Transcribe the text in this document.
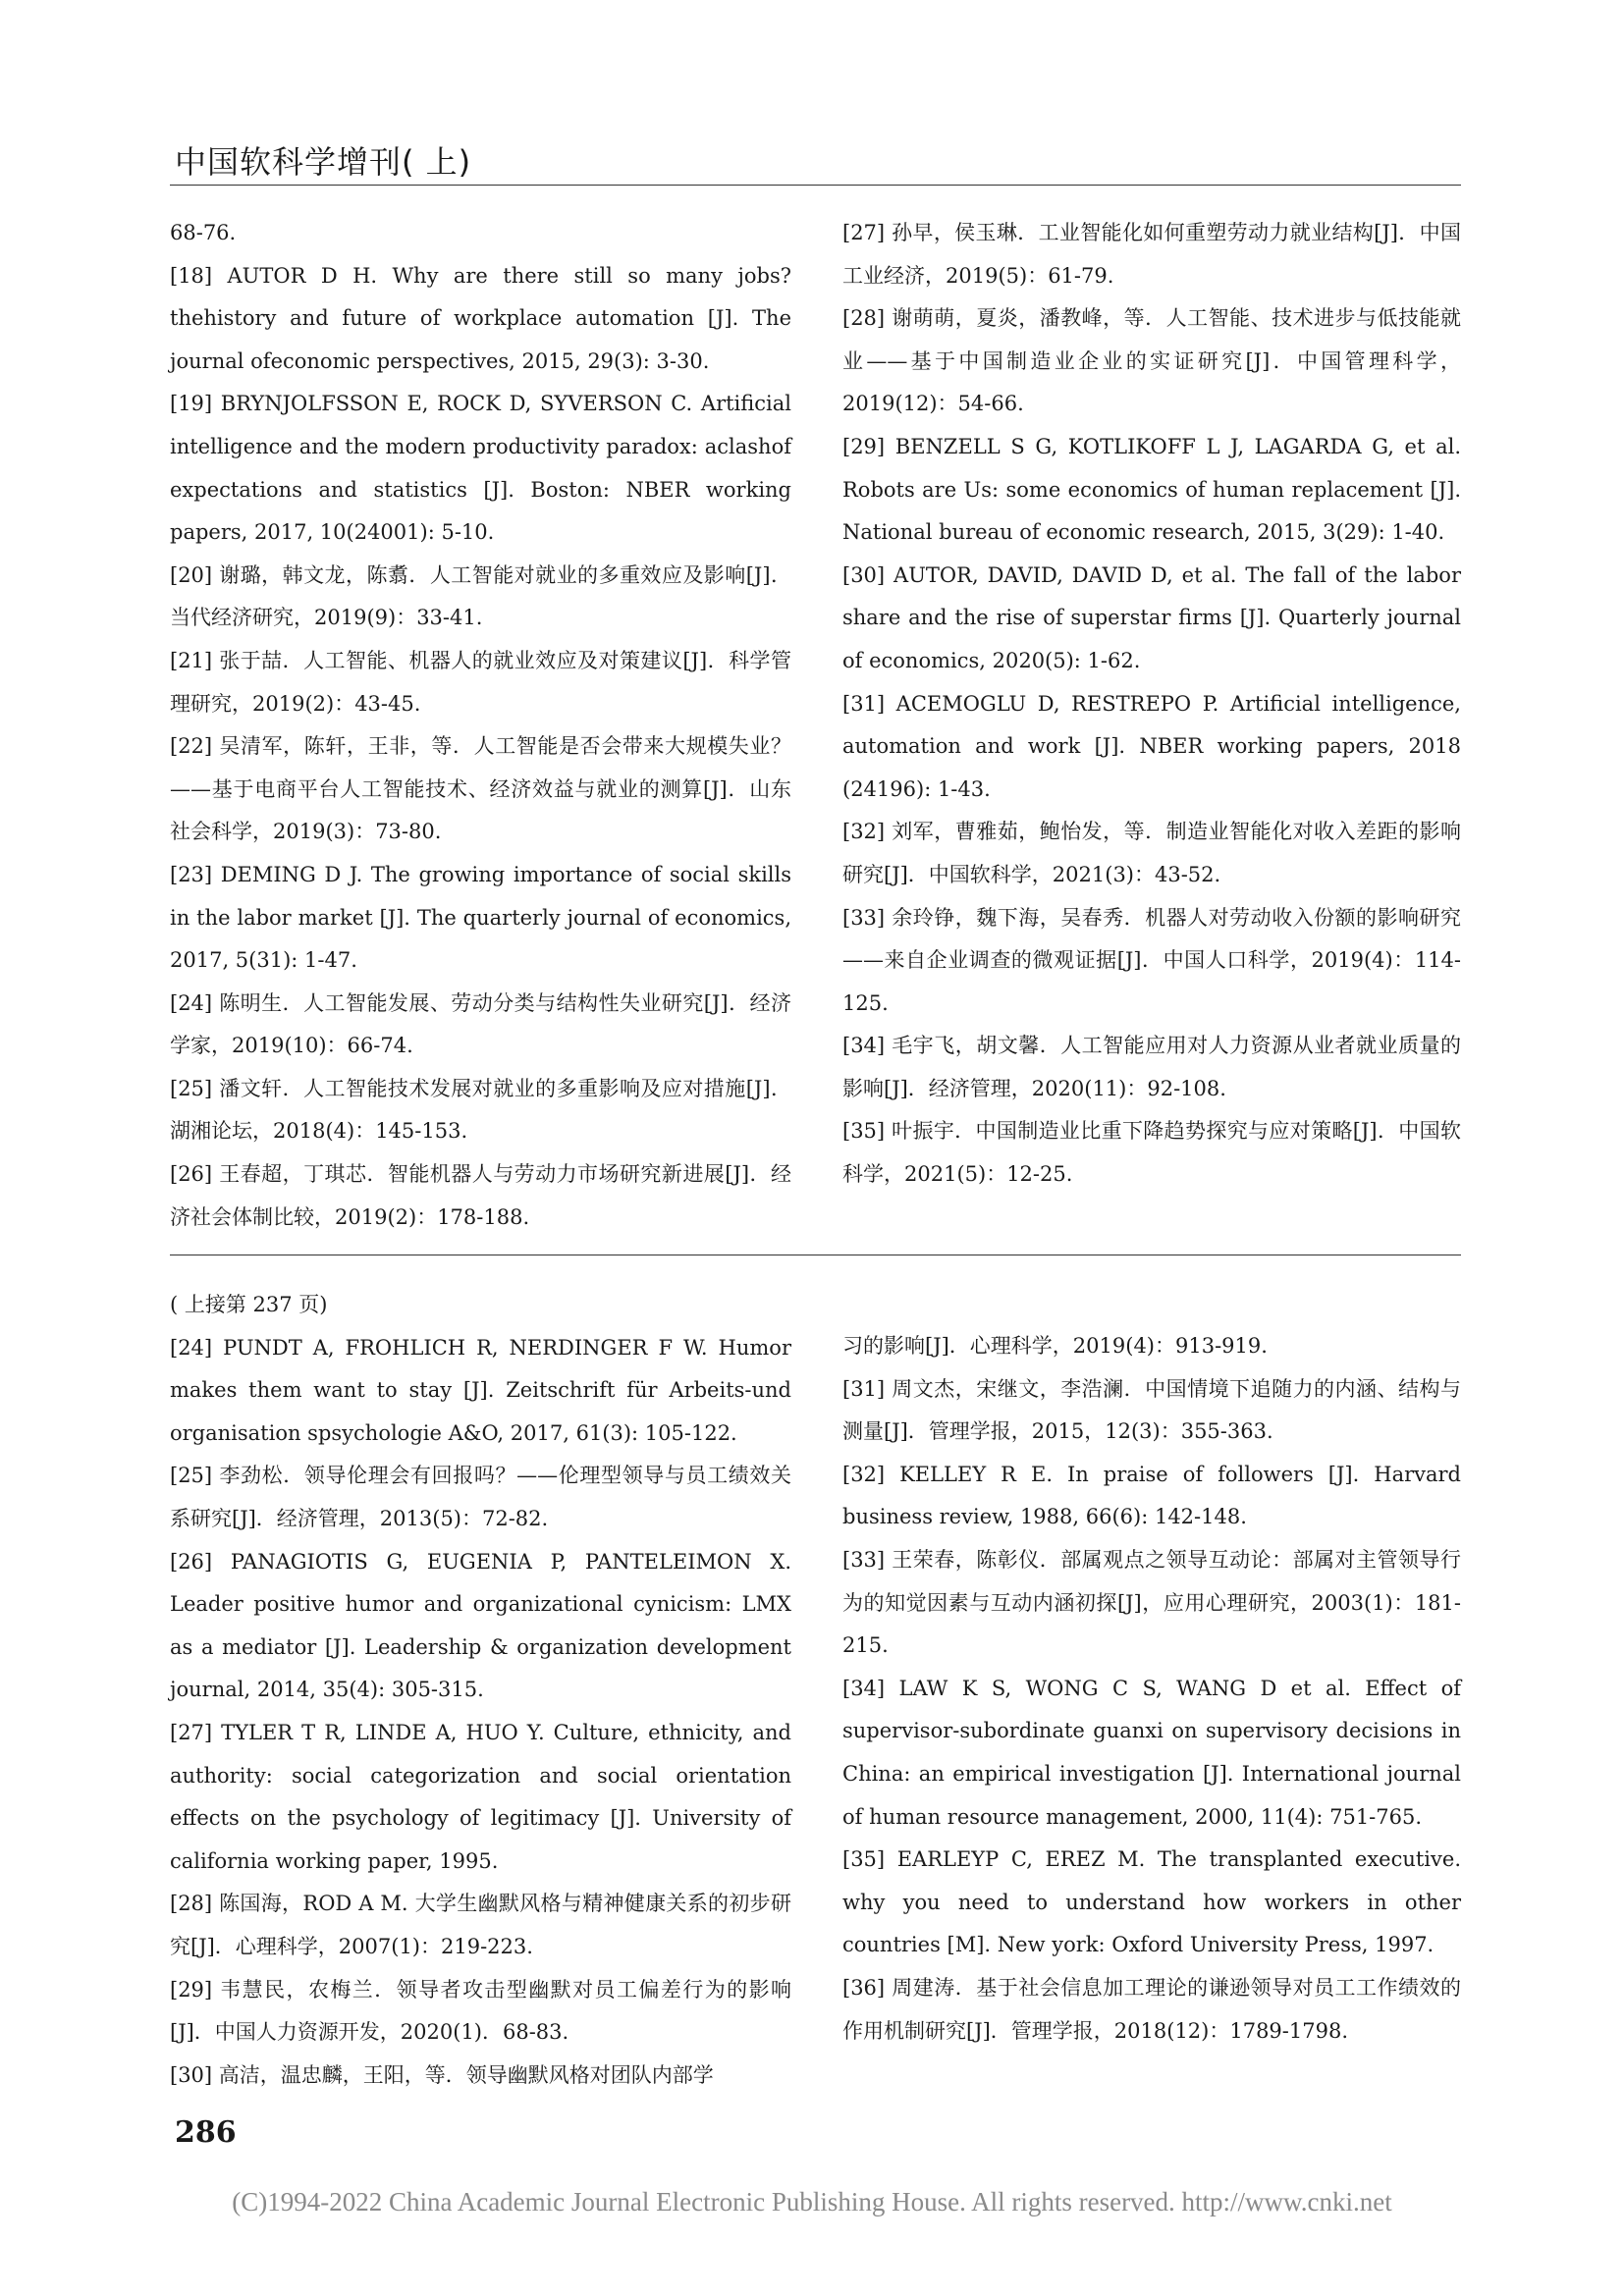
中国软科学增刊( 上)

68-76.

[18] AUTOR D H. Why are there still so many jobs? thehistory and future of workplace automation [J]. The journal ofeconomic perspectives, 2015, 29(3): 3-30.

[19] BRYNJOLFSSON E, ROCK D, SYVERSON C. Artificial intelligence and the modern productivity paradox: aclashof expectations and statistics [J]. Boston: NBER working papers, 2017, 10(24001): 5-10.

[20] 谢璐，韩文龙，陈翥．人工智能对就业的多重效应及影响[J]．当代经济研究，2019(9)：33-41.

[21] 张于喆．人工智能、机器人的就业效应及对策建议[J]．科学管理研究，2019(2)：43-45.

[22] 吴清军，陈轩，王非，等．人工智能是否会带来大规模失业？——基于电商平台人工智能技术、经济效益与就业的测算[J]．山东社会科学，2019(3)：73-80.

[23] DEMING D J. The growing importance of social skills in the labor market [J]. The quarterly journal of economics, 2017, 5(31): 1-47.

[24] 陈明生．人工智能发展、劳动分类与结构性失业研究[J]．经济学家，2019(10)：66-74.

[25] 潘文轩．人工智能技术发展对就业的多重影响及应对措施[J]．湖湘论坛，2018(4)：145-153.

[26] 王春超，丁琪芯．智能机器人与劳动力市场研究新进展[J]．经济社会体制比较，2019(2)：178-188.

[27] 孙早，侯玉琳．工业智能化如何重塑劳动力就业结构[J]．中国工业经济，2019(5)：61-79.

[28] 谢萌萌，夏炎，潘教峰，等．人工智能、技术进步与低技能就业——基于中国制造业企业的实证研究[J]．中国管理科学，2019(12)：54-66.

[29] BENZELL S G, KOTLIKOFF L J, LAGARDA G, et al. Robots are Us: some economics of human replacement [J]. National bureau of economic research, 2015, 3(29): 1-40.

[30] AUTOR, DAVID, DAVID D, et al. The fall of the labor share and the rise of superstar firms [J]. Quarterly journal of economics, 2020(5): 1-62.

[31] ACEMOGLU D, RESTREPO P. Artificial intelligence, automation and work [J]. NBER working papers, 2018 (24196): 1-43.

[32] 刘军，曹雅茹，鲍怡发，等．制造业智能化对收入差距的影响研究[J]．中国软科学，2021(3)：43-52.

[33] 余玲铮，魏下海，吴春秀．机器人对劳动收入份额的影响研究——来自企业调查的微观证据[J]．中国人口科学，2019(4)：114-125.

[34] 毛宇飞，胡文馨．人工智能应用对人力资源从业者就业质量的影响[J]．经济管理，2020(11)：92-108.

[35] 叶振宇．中国制造业比重下降趋势探究与应对策略[J]．中国软科学，2021(5)：12-25.

( 上接第 237 页)

[24] PUNDT A, FROHLICH R, NERDINGER F W. Humor makes them want to stay [J]. Zeitschrift für Arbeits-und organisation spsychologie A&O, 2017, 61(3): 105-122.

[25] 李劲松．领导伦理会有回报吗？——伦理型领导与员工绩效关系研究[J]．经济管理，2013(5)：72-82.

[26] PANAGIOTIS G, EUGENIA P, PANTELEIMON X. Leader positive humor and organizational cynicism: LMX as a mediator [J]. Leadership & organization development journal, 2014, 35(4): 305-315.

[27] TYLER T R, LINDE A, HUO Y. Culture, ethnicity, and authority: social categorization and social orientation effects on the psychology of legitimacy [J]. University of california working paper, 1995.

[28] 陈国海，ROD A M. 大学生幽默风格与精神健康关系的初步研究[J]．心理科学，2007(1)：219-223.

[29] 韦慧民，农梅兰．领导者攻击型幽默对员工偏差行为的影响[J]．中国人力资源开发，2020(1)．68-83.

[30] 高洁，温忠麟，王阳，等．领导幽默风格对团队内部学

习的影响[J]．心理科学，2019(4)：913-919.

[31] 周文杰，宋继文，李浩澜．中国情境下追随力的内涵、结构与测量[J]．管理学报，2015，12(3)：355-363.

[32] KELLEY R E. In praise of followers [J]. Harvard business review, 1988, 66(6): 142-148.

[33] 王荣春，陈彰仪．部属观点之领导互动论：部属对主管领导行为的知觉因素与互动内涵初探[J]，应用心理研究，2003(1)：181-215.

[34] LAW K S, WONG C S, WANG D et al. Effect of supervisor-subordinate guanxi on supervisory decisions in China: an empirical investigation [J]. International journal of human resource management, 2000, 11(4): 751-765.

[35] EARLEYP C, EREZ M. The transplanted executive. why you need to understand how workers in other countries [M]. New york: Oxford University Press, 1997.

[36] 周建涛．基于社会信息加工理论的谦逊领导对员工工作绩效的作用机制研究[J]．管理学报，2018(12)：1789-1798.

286
(C)1994-2022 China Academic Journal Electronic Publishing House. All rights reserved. http://www.cnki.net
